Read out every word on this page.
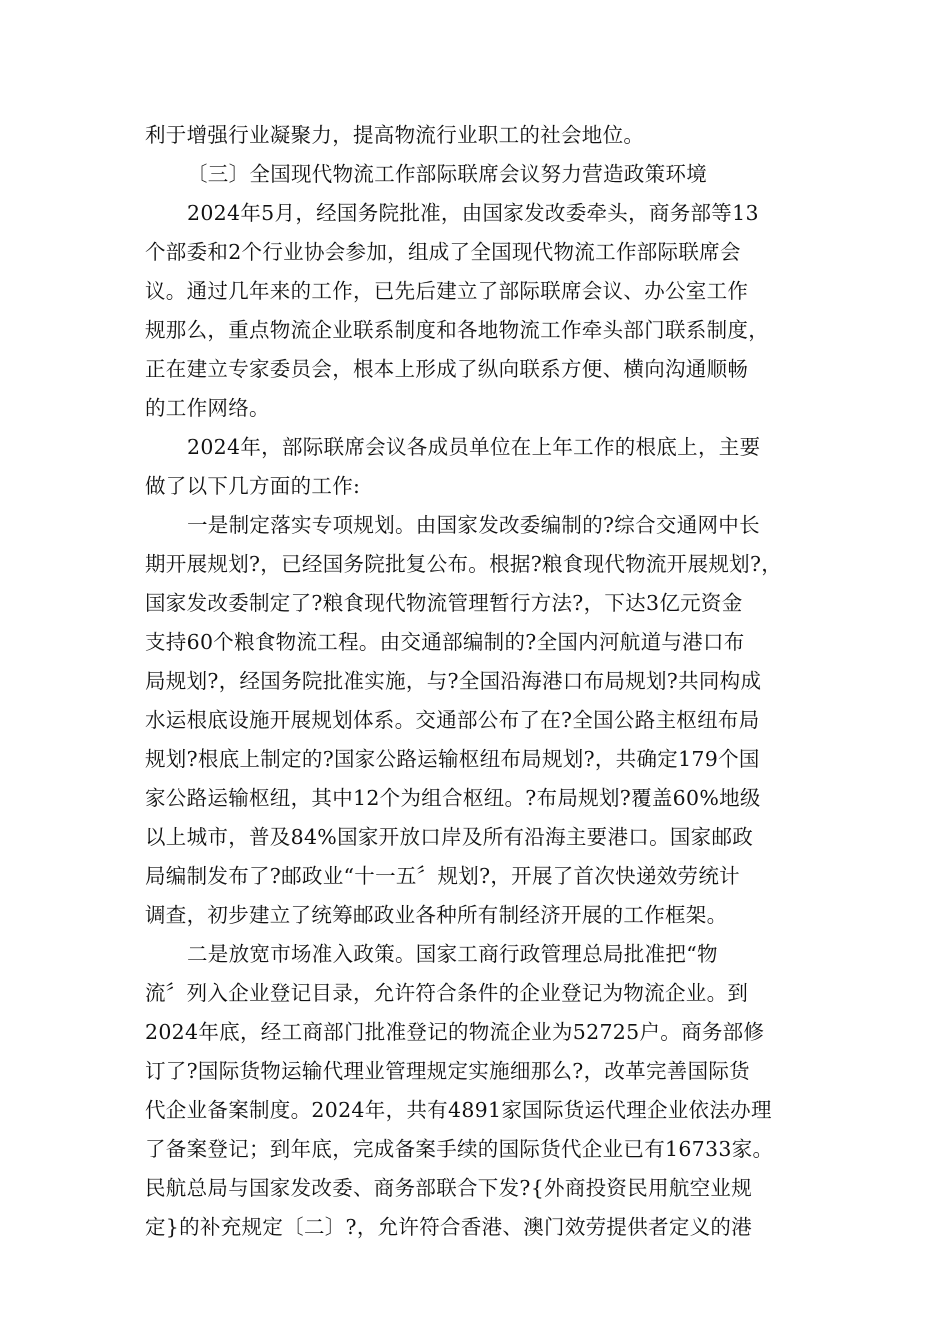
利于增强行业凝聚力，提高物流行业职工的社会地位。
〔三〕全国现代物流工作部际联席会议努力营造政策环境
2024年5月，经国务院批准，由国家发改委牵头，商务部等13
个部委和2个行业协会参加，组成了全国现代物流工作部际联席会
议。通过几年来的工作，已先后建立了部际联席会议、办公室工作
规那么，重点物流企业联系制度和各地物流工作牵头部门联系制度，
正在建立专家委员会，根本上形成了纵向联系方便、横向沟通顺畅
的工作网络。
2024年，部际联席会议各成员单位在上年工作的根底上，主要
做了以下几方面的工作:
一是制定落实专项规划。由国家发改委编制的?综合交通网中长
期开展规划?，已经国务院批复公布。根据?粮食现代物流开展规划?，
国家发改委制定了?粮食现代物流管理暂行方法?，下达3亿元资金
支持60个粮食物流工程。由交通部编制的?全国内河航道与港口布
局规划?，经国务院批准实施，与?全国沿海港口布局规划?共同构成
水运根底设施开展规划体系。交通部公布了在?全国公路主枢纽布局
规划?根底上制定的?国家公路运输枢纽布局规划?，共确定179个国
家公路运输枢纽，其中12个为组合枢纽。?布局规划?覆盖60%地级
以上城市，普及84%国家开放口岸及所有沿海主要港口。国家邮政
局编制发布了?邮政业“十一五〞规划?，开展了首次快递效劳统计
调查，初步建立了统筹邮政业各种所有制经济开展的工作框架。
二是放宽市场准入政策。国家工商行政管理总局批准把“物
流〞列入企业登记目录，允许符合条件的企业登记为物流企业。到
2024年底，经工商部门批准登记的物流企业为52725户。商务部修
订了?国际货物运输代理业管理规定实施细那么?，改革完善国际货
代企业备案制度。2024年，共有4891家国际货运代理企业依法办理
了备案登记；到年底，完成备案手续的国际货代企业已有16733家。
民航总局与国家发改委、商务部联合下发?{外商投资民用航空业规
定}的补充规定〔二〕?，允许符合香港、澳门效劳提供者定义的港
